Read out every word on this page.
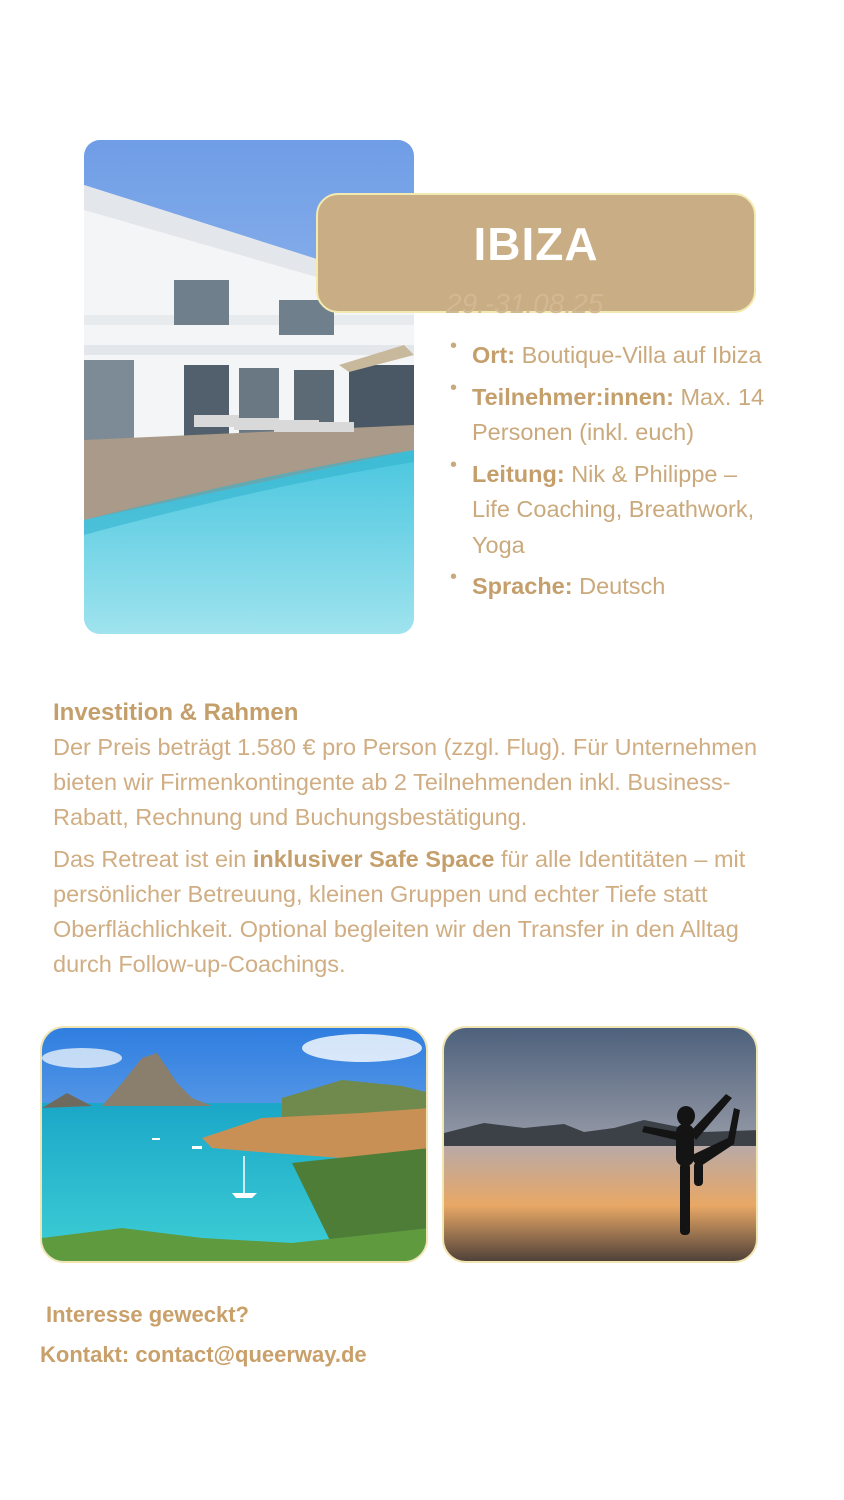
IBIZA
29.-31.08.25
• Ort: Boutique-Villa auf Ibiza
• Teilnehmer:innen: Max. 14 Personen (inkl. euch)
• Leitung: Nik & Philippe – Life Coaching, Breathwork, Yoga
• Sprache: Deutsch
Investition & Rahmen

Der Preis beträgt 1.580 € pro Person (zzgl. Flug). Für Unternehmen bieten wir Firmenkontingente ab 2 Teilnehmenden inkl. Business-Rabatt, Rechnung und Buchungsbestätigung.

Das Retreat ist ein inklusiver Safe Space für alle Identitäten – mit persönlicher Betreuung, kleinen Gruppen und echter Tiefe statt Oberflächlichkeit. Optional begleiten wir den Transfer in den Alltag durch Follow-up-Coachings.

Interesse geweckt?
Kontakt: contact@queerway.de
